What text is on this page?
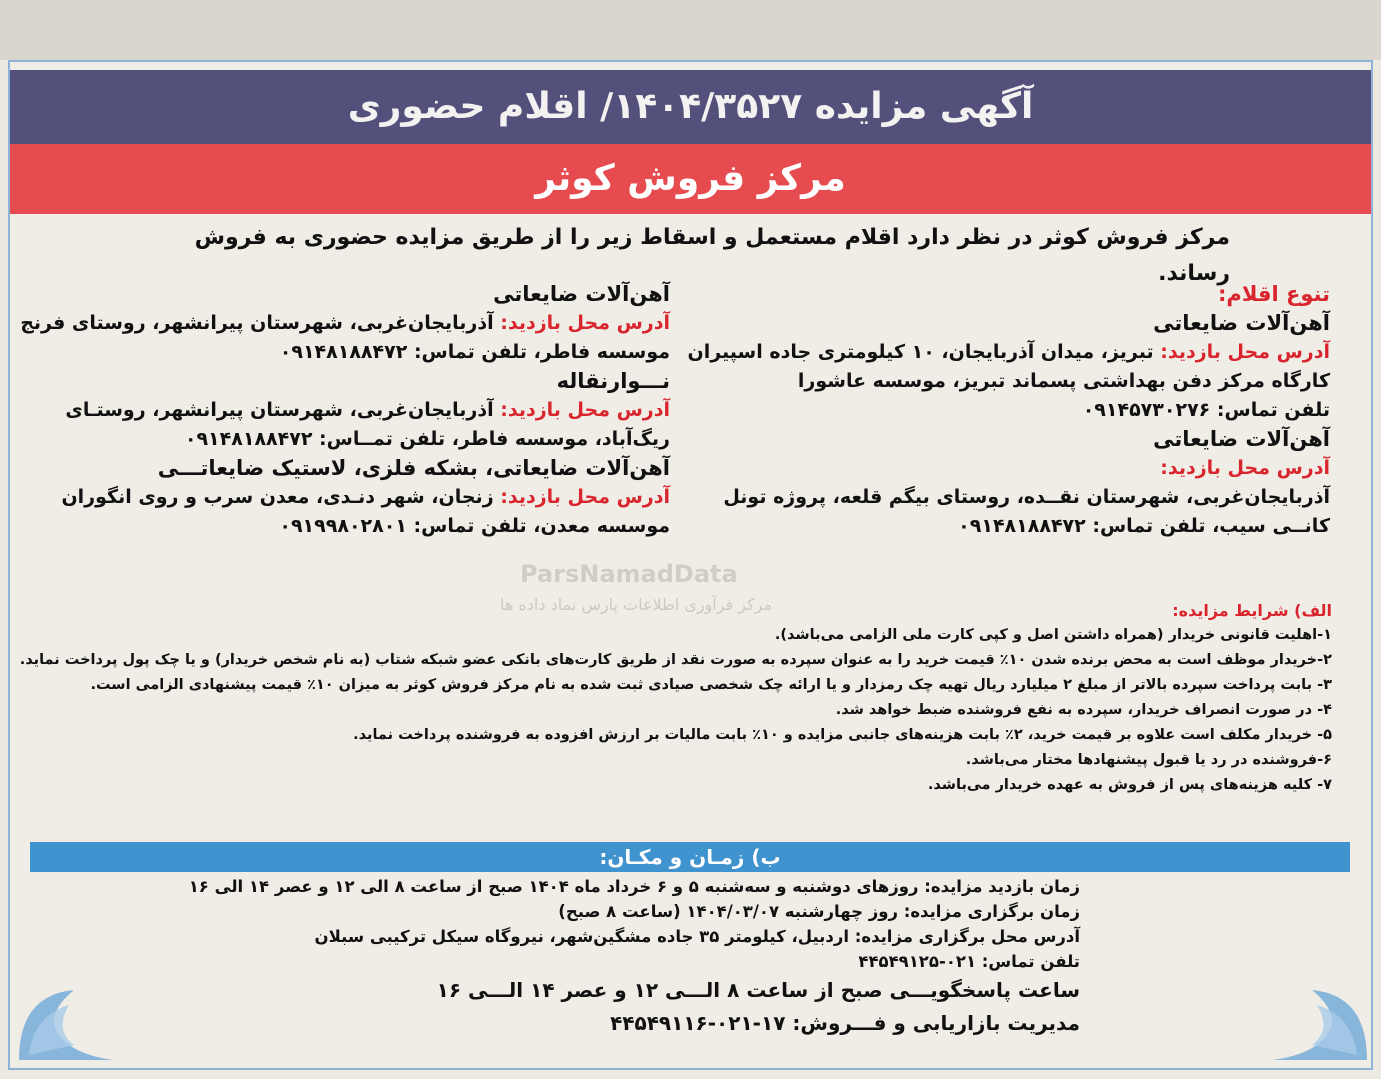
آگهی مزایده ۱۴۰۴/۳۵۲۷/ اقلام حضوری
مرکز فروش کوثر
مرکز فروش کوثر در نظر دارد اقلام مستعمل و اسقاط زیر را از طریق مزایده حضوری به فروش رساند.
ParsNamadData
مرکز فرآوری اطلاعات پارس نماد داده ها
تنوع اقلام:
آهن‌آلات ضایعاتی
آدرس محل بازدید: تبریز، میدان آذربایجان، ۱۰ کیلومتری جاده اسپیران
کارگاه مرکز دفن بهداشتی پسماند تبریز، موسسه عاشورا
تلفن تماس: ۰۹۱۴۵۷۳۰۲۷۶
آهن‌آلات ضایعاتی
آدرس محل بازدید:
آذربایجان‌غربی، شهرستان نقــده، روستای بیگم قلعه، پروژه تونل
کانــی سیب، تلفن تماس: ۰۹۱۴۸۱۸۸۴۷۲
آهن‌آلات ضایعاتی
آدرس محل بازدید: آذربایجان‌غربی، شهرستان پیرانشهر، روستای فرنج
موسسه فاطر، تلفن تماس: ۰۹۱۴۸۱۸۸۴۷۲
نـــوارنقاله
آدرس محل بازدید: آذربایجان‌غربی، شهرستان پیرانشهر، روستـای
ریگ‌آباد، موسسه فاطر، تلفن تمــاس: ۰۹۱۴۸۱۸۸۴۷۲
آهن‌آلات ضایعاتی، بشکه فلزی، لاستیک ضایعاتـــی
آدرس محل بازدید: زنجان، شهر دنـدی، معدن سرب و روی انگوران
موسسه معدن، تلفن تماس: ۰۹۱۹۹۸۰۲۸۰۱
الف) شرایط مزایده:
۱-اهلیت قانونی خریدار (همراه داشتن اصل و کپی کارت ملی الزامی می‌باشد).
۲-خریدار موظف است به محض برنده شدن ۱۰٪ قیمت خرید را به عنوان سپرده به صورت نقد از طریق کارت‌های بانکی عضو شبکه شتاب (به نام شخص خریدار) و یا چک پول پرداخت نماید.
۳- بابت پرداخت سپرده بالاتر از مبلغ ۲ میلیارد ریال تهیه چک رمزدار و یا ارائه چک شخصی صیادی ثبت شده به نام مرکز فروش کوثر به میزان ۱۰٪ قیمت پیشنهادی الزامی است.
۴- در صورت انصراف خریدار، سپرده به نفع فروشنده ضبط خواهد شد.
۵- خریدار مکلف است علاوه بر قیمت خرید، ۲٪ بابت هزینه‌های جانبی مزایده و ۱۰٪ بابت مالیات بر ارزش افزوده به فروشنده پرداخت نماید.
۶-فروشنده در رد یا قبول پیشنهادها مختار می‌باشد.
۷- کلیه هزینه‌های پس از فروش به عهده خریدار می‌باشد.
ب) زمـان و مکـان:
زمان بازدید مزایده: روزهای دوشنبه و سه‌شنبه ۵ و ۶ خرداد ماه ۱۴۰۴ صبح از ساعت ۸ الی ۱۲ و عصر ۱۴ الی ۱۶
زمان برگزاری مزایده: روز چهارشنبه ۱۴۰۴/۰۳/۰۷ (ساعت ۸ صبح)
آدرس محل برگزاری مزایده: اردبیل، کیلومتر ۳۵ جاده مشگین‌شهر، نیروگاه سیکل ترکیبی سبلان
تلفن تماس: ۰۲۱-۴۴۵۴۹۱۲۵
ساعت پاسخگویـــی صبح از ساعت ۸ الـــی ۱۲ و عصر ۱۴ الـــی ۱۶
مدیریت بازاریابی و فـــروش: ۱۷-۰۲۱-۴۴۵۴۹۱۱۶
